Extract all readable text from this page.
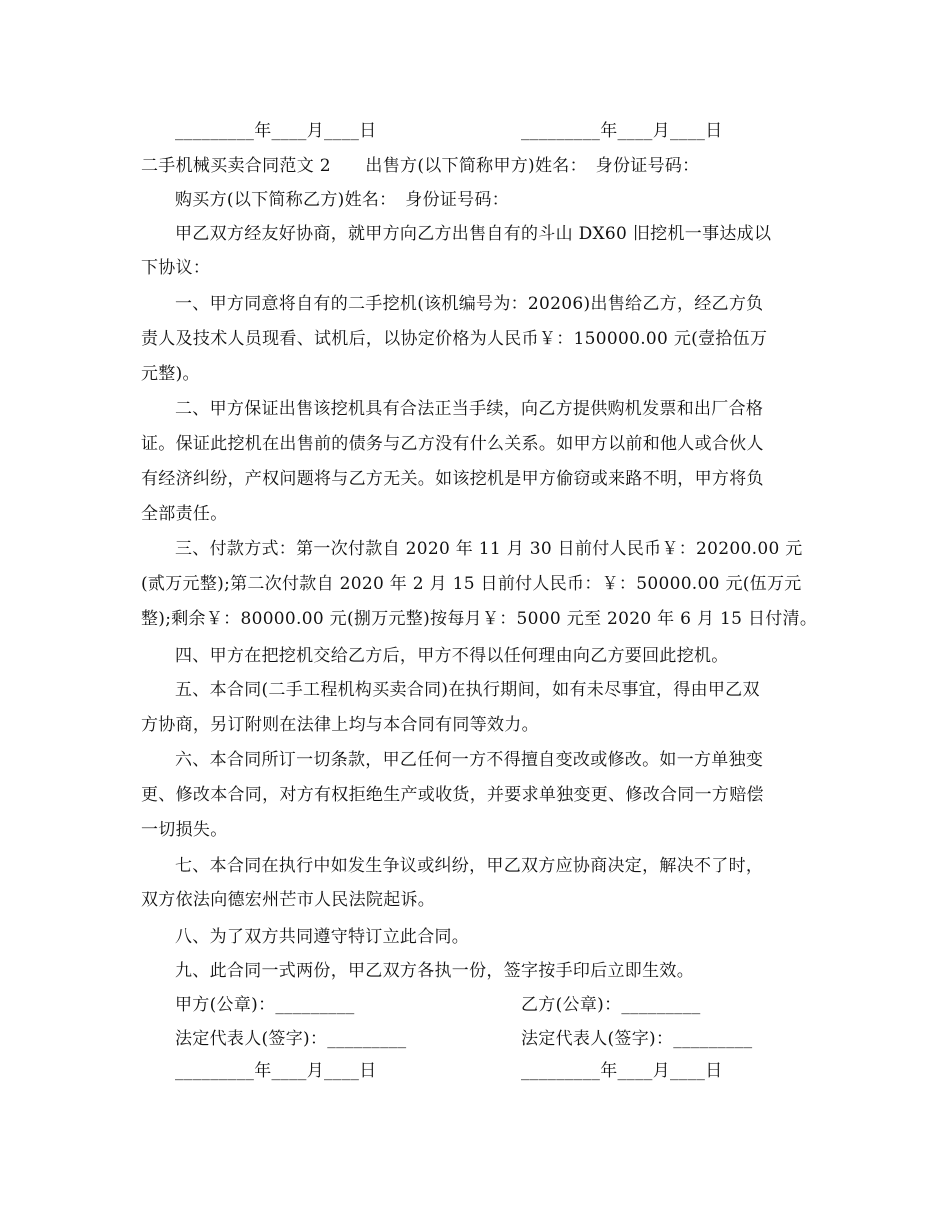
_________年____月____日	_________年____月____日
二手机械买卖合同范文 2　　出售方(以下简称甲方)姓名：　身份证号码：
购买方(以下简称乙方)姓名：　身份证号码：
甲乙双方经友好协商，就甲方向乙方出售自有的斗山 DX60 旧挖机一事达成以
下协议：
一、甲方同意将自有的二手挖机(该机编号为：20206)出售给乙方，经乙方负
责人及技术人员现看、试机后，以协定价格为人民币￥：150000.00 元(壹拾伍万
元整)。
二、甲方保证出售该挖机具有合法正当手续，向乙方提供购机发票和出厂合格
证。保证此挖机在出售前的债务与乙方没有什么关系。如甲方以前和他人或合伙人
有经济纠纷，产权问题将与乙方无关。如该挖机是甲方偷窃或来路不明，甲方将负
全部责任。
三、付款方式：第一次付款自 2020 年 11 月 30 日前付人民币￥：20200.00 元
(贰万元整);第二次付款自 2020 年 2 月 15 日前付人民币：￥：50000.00 元(伍万元
整);剩余￥：80000.00 元(捌万元整)按每月￥：5000 元至 2020 年 6 月 15 日付清。
四、甲方在把挖机交给乙方后，甲方不得以任何理由向乙方要回此挖机。
五、本合同(二手工程机构买卖合同)在执行期间，如有未尽事宜，得由甲乙双
方协商，另订附则在法律上均与本合同有同等效力。
六、本合同所订一切条款，甲乙任何一方不得擅自变改或修改。如一方单独变
更、修改本合同，对方有权拒绝生产或收货，并要求单独变更、修改合同一方赔偿
一切损失。
七、本合同在执行中如发生争议或纠纷，甲乙双方应协商决定，解决不了时，
双方依法向德宏州芒市人民法院起诉。
八、为了双方共同遵守特订立此合同。
九、此合同一式两份，甲乙双方各执一份，签字按手印后立即生效。
甲方(公章)：_________	乙方(公章)：_________
法定代表人(签字)：_________	法定代表人(签字)：_________
_________年____月____日	_________年____月____日
